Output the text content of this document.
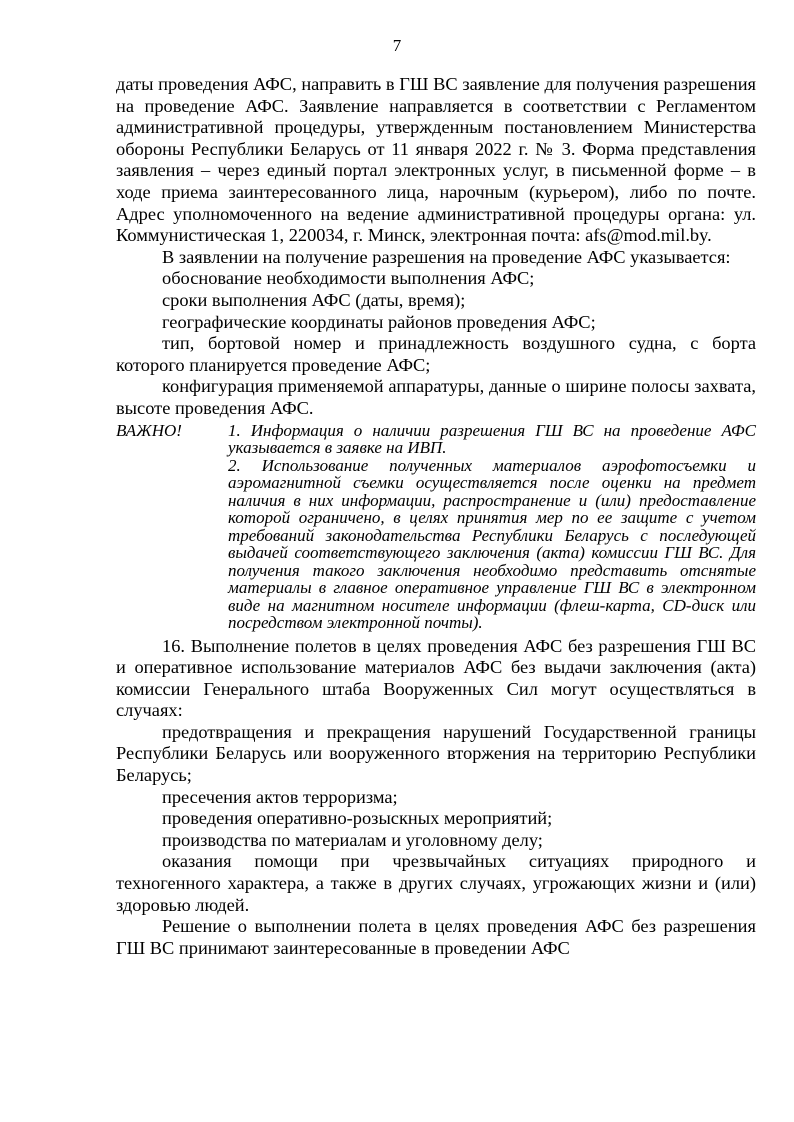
7

даты проведения АФС, направить в ГШ ВС заявление для получения разрешения на проведение АФС. Заявление направляется в соответствии с Регламентом административной процедуры, утвержденным постановлением Министерства обороны Республики Беларусь от 11 января 2022 г. № 3. Форма представления заявления – через единый портал электронных услуг, в письменной форме – в ходе приема заинтересованного лица, нарочным (курьером), либо по почте. Адрес уполномоченного на ведение административной процедуры органа: ул. Коммунистическая 1, 220034, г. Минск, электронная почта: afs@mod.mil.by.

В заявлении на получение разрешения на проведение АФС указывается:

обоснование необходимости выполнения АФС;

сроки выполнения АФС (даты, время);

географические координаты районов проведения АФС;

тип, бортовой номер и принадлежность воздушного судна, с борта которого планируется проведение АФС;

конфигурация применяемой аппаратуры, данные о ширине полосы захвата, высоте проведения АФС.

ВАЖНО!	1. Информация о наличии разрешения ГШ ВС на проведение АФС указывается в заявке на ИВП.

2. Использование полученных материалов аэрофотосъемки и аэромагнитной съемки осуществляется после оценки на предмет наличия в них информации, распространение и (или) предоставление которой ограничено, в целях принятия мер по ее защите с учетом требований законодательства Республики Беларусь с последующей выдачей соответствующего заключения (акта) комиссии ГШ ВС. Для получения такого заключения необходимо представить отснятые материалы в главное оперативное управление ГШ ВС в электронном виде на магнитном носителе информации (флеш-карта, CD-диск или посредством электронной почты).

16. Выполнение полетов в целях проведения АФС без разрешения ГШ ВС и оперативное использование материалов АФС без выдачи заключения (акта) комиссии Генерального штаба Вооруженных Сил могут осуществляться в случаях:

предотвращения и прекращения нарушений Государственной границы Республики Беларусь или вооруженного вторжения на территорию Республики Беларусь;

пресечения актов терроризма;

проведения оперативно-розыскных мероприятий;

производства по материалам и уголовному делу;

оказания помощи при чрезвычайных ситуациях природного и техногенного характера, а также в других случаях, угрожающих жизни и (или) здоровью людей.

Решение о выполнении полета в целях проведения АФС без разрешения ГШ ВС принимают заинтересованные в проведении АФС
